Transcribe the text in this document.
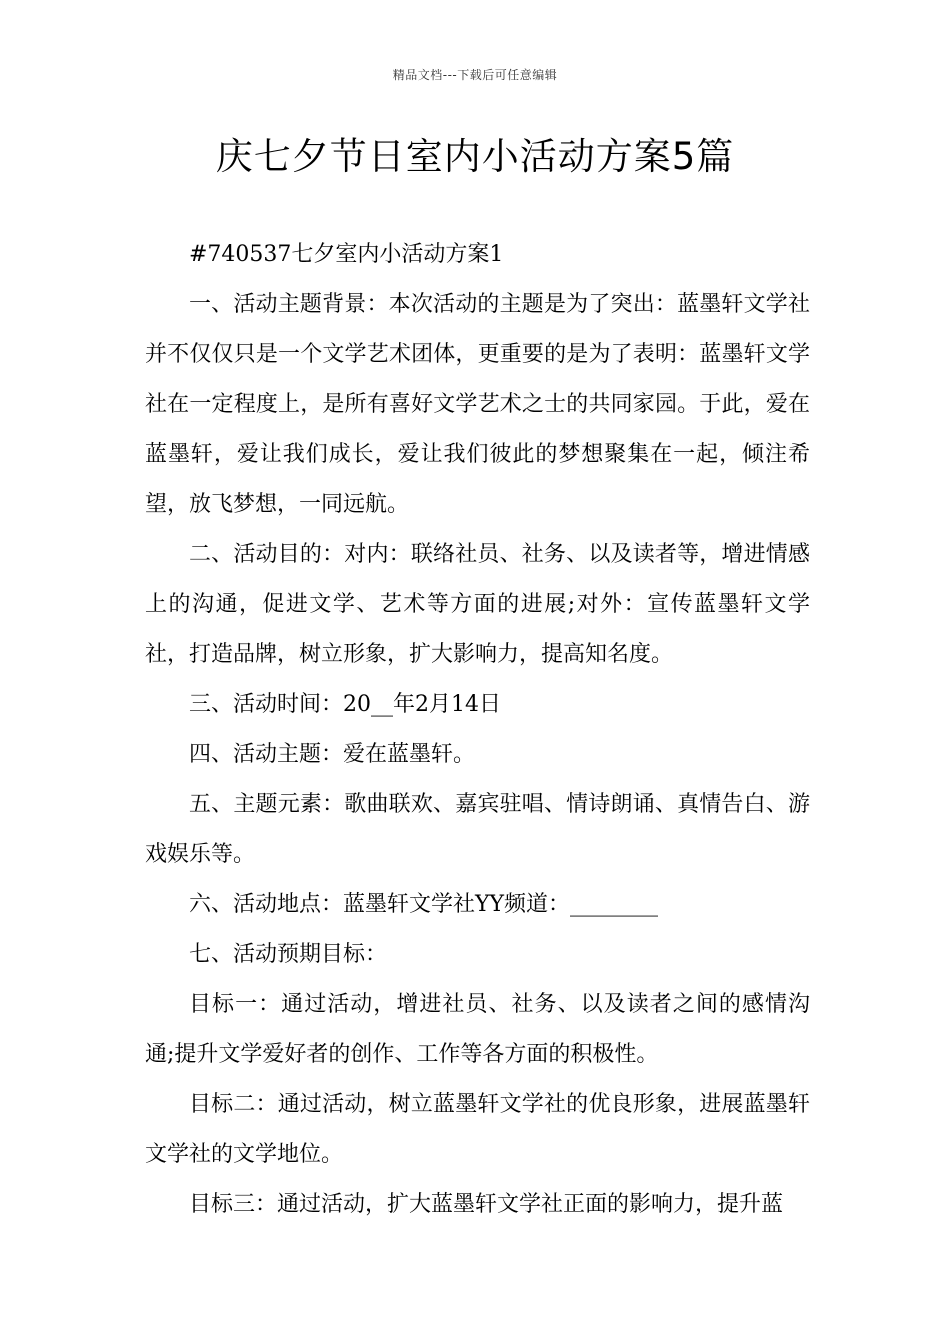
精品文档---下载后可任意编辑
庆七夕节日室内小活动方案5篇

#740537七夕室内小活动方案1

一、活动主题背景：本次活动的主题是为了突出：蓝墨轩文学社并不仅仅只是一个文学艺术团体，更重要的是为了表明：蓝墨轩文学社在一定程度上，是所有喜好文学艺术之士的共同家园。于此，爱在蓝墨轩，爱让我们成长，爱让我们彼此的梦想聚集在一起，倾注希望，放飞梦想，一同远航。

二、活动目的：对内：联络社员、社务、以及读者等，增进情感上的沟通，促进文学、艺术等方面的进展;对外：宣传蓝墨轩文学社，打造品牌，树立形象，扩大影响力，提高知名度。

三、活动时间：20__年2月14日

四、活动主题：爱在蓝墨轩。

五、主题元素：歌曲联欢、嘉宾驻唱、情诗朗诵、真情告白、游戏娱乐等。

六、活动地点：蓝墨轩文学社YY频道：________

七、活动预期目标：

目标一：通过活动，增进社员、社务、以及读者之间的感情沟通;提升文学爱好者的创作、工作等各方面的积极性。

目标二：通过活动，树立蓝墨轩文学社的优良形象，进展蓝墨轩文学社的文学地位。

目标三：通过活动，扩大蓝墨轩文学社正面的影响力，提升蓝
